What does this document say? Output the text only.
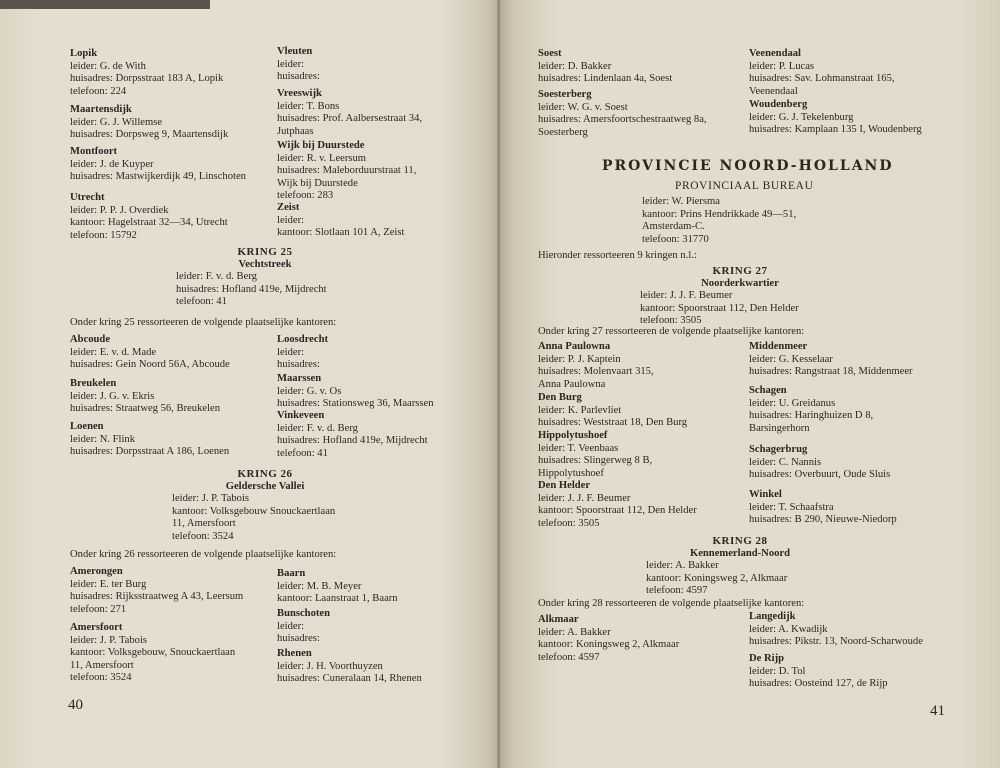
Lopik
leider: G. de With
huisadres: Dorpsstraat 183 A, Lopik
telefoon: 224
Maartensdijk
leider: G. J. Willemse
huisadres: Dorpsweg 9, Maartensdijk
Montfoort
leider: J. de Kuyper
huisadres: Mastwijkerdijk 49, Linschoten
Utrecht
leider: P. P. J. Overdiek
kantoor: Hagelstraat 32—34, Utrecht
telefoon: 15792
Vleuten
leider:
huisadres:
Vreeswijk
leider: T. Bons
huisadres: Prof. Aalbersestraat 34,
Jutphaas
Wijk bij Duurstede
leider: R. v. Leersum
huisadres: Maleborduurstraat 11,
Wijk bij Duurstede
telefoon: 283
Zeist
leider:
kantoor: Slotlaan 101 A, Zeist
KRING 25
Vechtstreek
leider: F. v. d. Berg
huisadres: Hofland 419e, Mijdrecht
telefoon: 41
Onder kring 25 ressorteeren de volgende plaatselijke kantoren:
Abcoude
leider: E. v. d. Made
huisadres: Gein Noord 56A, Abcoude
Breukelen
leider: J. G. v. Ekris
huisadres: Straatweg 56, Breukelen
Loenen
leider: N. Flink
huisadres: Dorpsstraat A 186, Loenen
Loosdrecht
leider:
huisadres:
Maarssen
leider: G. v. Os
huisadres: Stationsweg 36, Maarssen
Vinkeveen
leider: F. v. d. Berg
huisadres: Hofland 419e, Mijdrecht
telefoon: 41
KRING 26
Geldersche Vallei
leider: J. P. Tabois
kantoor: Volksgebouw Snouckaertlaan
11, Amersfoort
telefoon: 3524
Onder kring 26 ressorteeren de volgende plaatselijke kantoren:
Amerongen
leider: E. ter Burg
huisadres: Rijksstraatweg A 43, Leersum
telefoon: 271
Amersfoort
leider: J. P. Tabois
kantoor: Volksgebouw, Snouckaertlaan
11, Amersfoort
telefoon: 3524
Baarn
leider: M. B. Meyer
kantoor: Laanstraat 1, Baarn
Bunschoten
leider:
huisadres:
Rhenen
leider: J. H. Voorthuyzen
huisadres: Cuneralaan 14, Rhenen
40
Soest
leider: D. Bakker
huisadres: Lindenlaan 4a, Soest
Soesterberg
leider: W. G. v. Soest
huisadres: Amersfoortschestraatweg 8a,
Soesterberg
Veenendaal
leider: P. Lucas
huisadres: Sav. Lohmanstraat 165,
Veenendaal
Woudenberg
leider: G. J. Tekelenburg
huisadres: Kamplaan 135 I, Woudenberg
PROVINCIE NOORD-HOLLAND
PROVINCIAAL BUREAU
leider: W. Piersma
kantoor: Prins Hendrikkade 49—51,
Amsterdam-C.
telefoon: 31770
Hieronder ressorteeren 9 kringen n.l.:
KRING 27
Noorderkwartier
leider: J. J. F. Beumer
kantoor: Spoorstraat 112, Den Helder
telefoon: 3505
Onder kring 27 ressorteeren de volgende plaatselijke kantoren:
Anna Paulowna
leider: P. J. Kaptein
huisadres: Molenvaart 315,
Anna Paulowna
Den Burg
leider: K. Parlevliet
huisadres: Weststraat 18, Den Burg
Hippolytushoef
leider: T. Veenbaas
huisadres: Slingerweg 8 B,
Hippolytushoef
Den Helder
leider: J. J. F. Beumer
kantoor: Spoorstraat 112, Den Helder
telefoon: 3505
Middenmeer
leider: G. Kesselaar
huisadres: Rangstraat 18, Middenmeer
Schagen
leider: U. Greidanus
huisadres: Haringhuizen D 8,
Barsingerhorn
Schagerbrug
leider: C. Nannis
huisadres: Overbuurt, Oude Sluis
Winkel
leider: T. Schaafstra
huisadres: B 290, Nieuwe-Niedorp
KRING 28
Kennemerland-Noord
leider: A. Bakker
kantoor: Koningsweg 2, Alkmaar
telefoon: 4597
Onder kring 28 ressorteeren de volgende plaatselijke kantoren:
Alkmaar
leider: A. Bakker
kantoor: Koningsweg 2, Alkmaar
telefoon: 4597
Langedijk
leider: A. Kwadijk
huisadres: Pikstr. 13, Noord-Scharwoude
De Rijp
leider: D. Tol
huisadres: Oosteind 127, de Rijp
41
